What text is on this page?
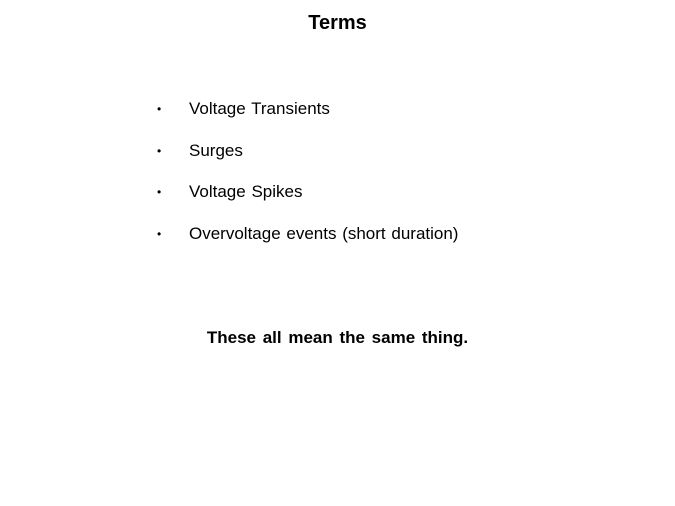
Terms
• Voltage Transients
• Surges
• Voltage Spikes
• Overvoltage events (short duration)

These all mean the same thing.
